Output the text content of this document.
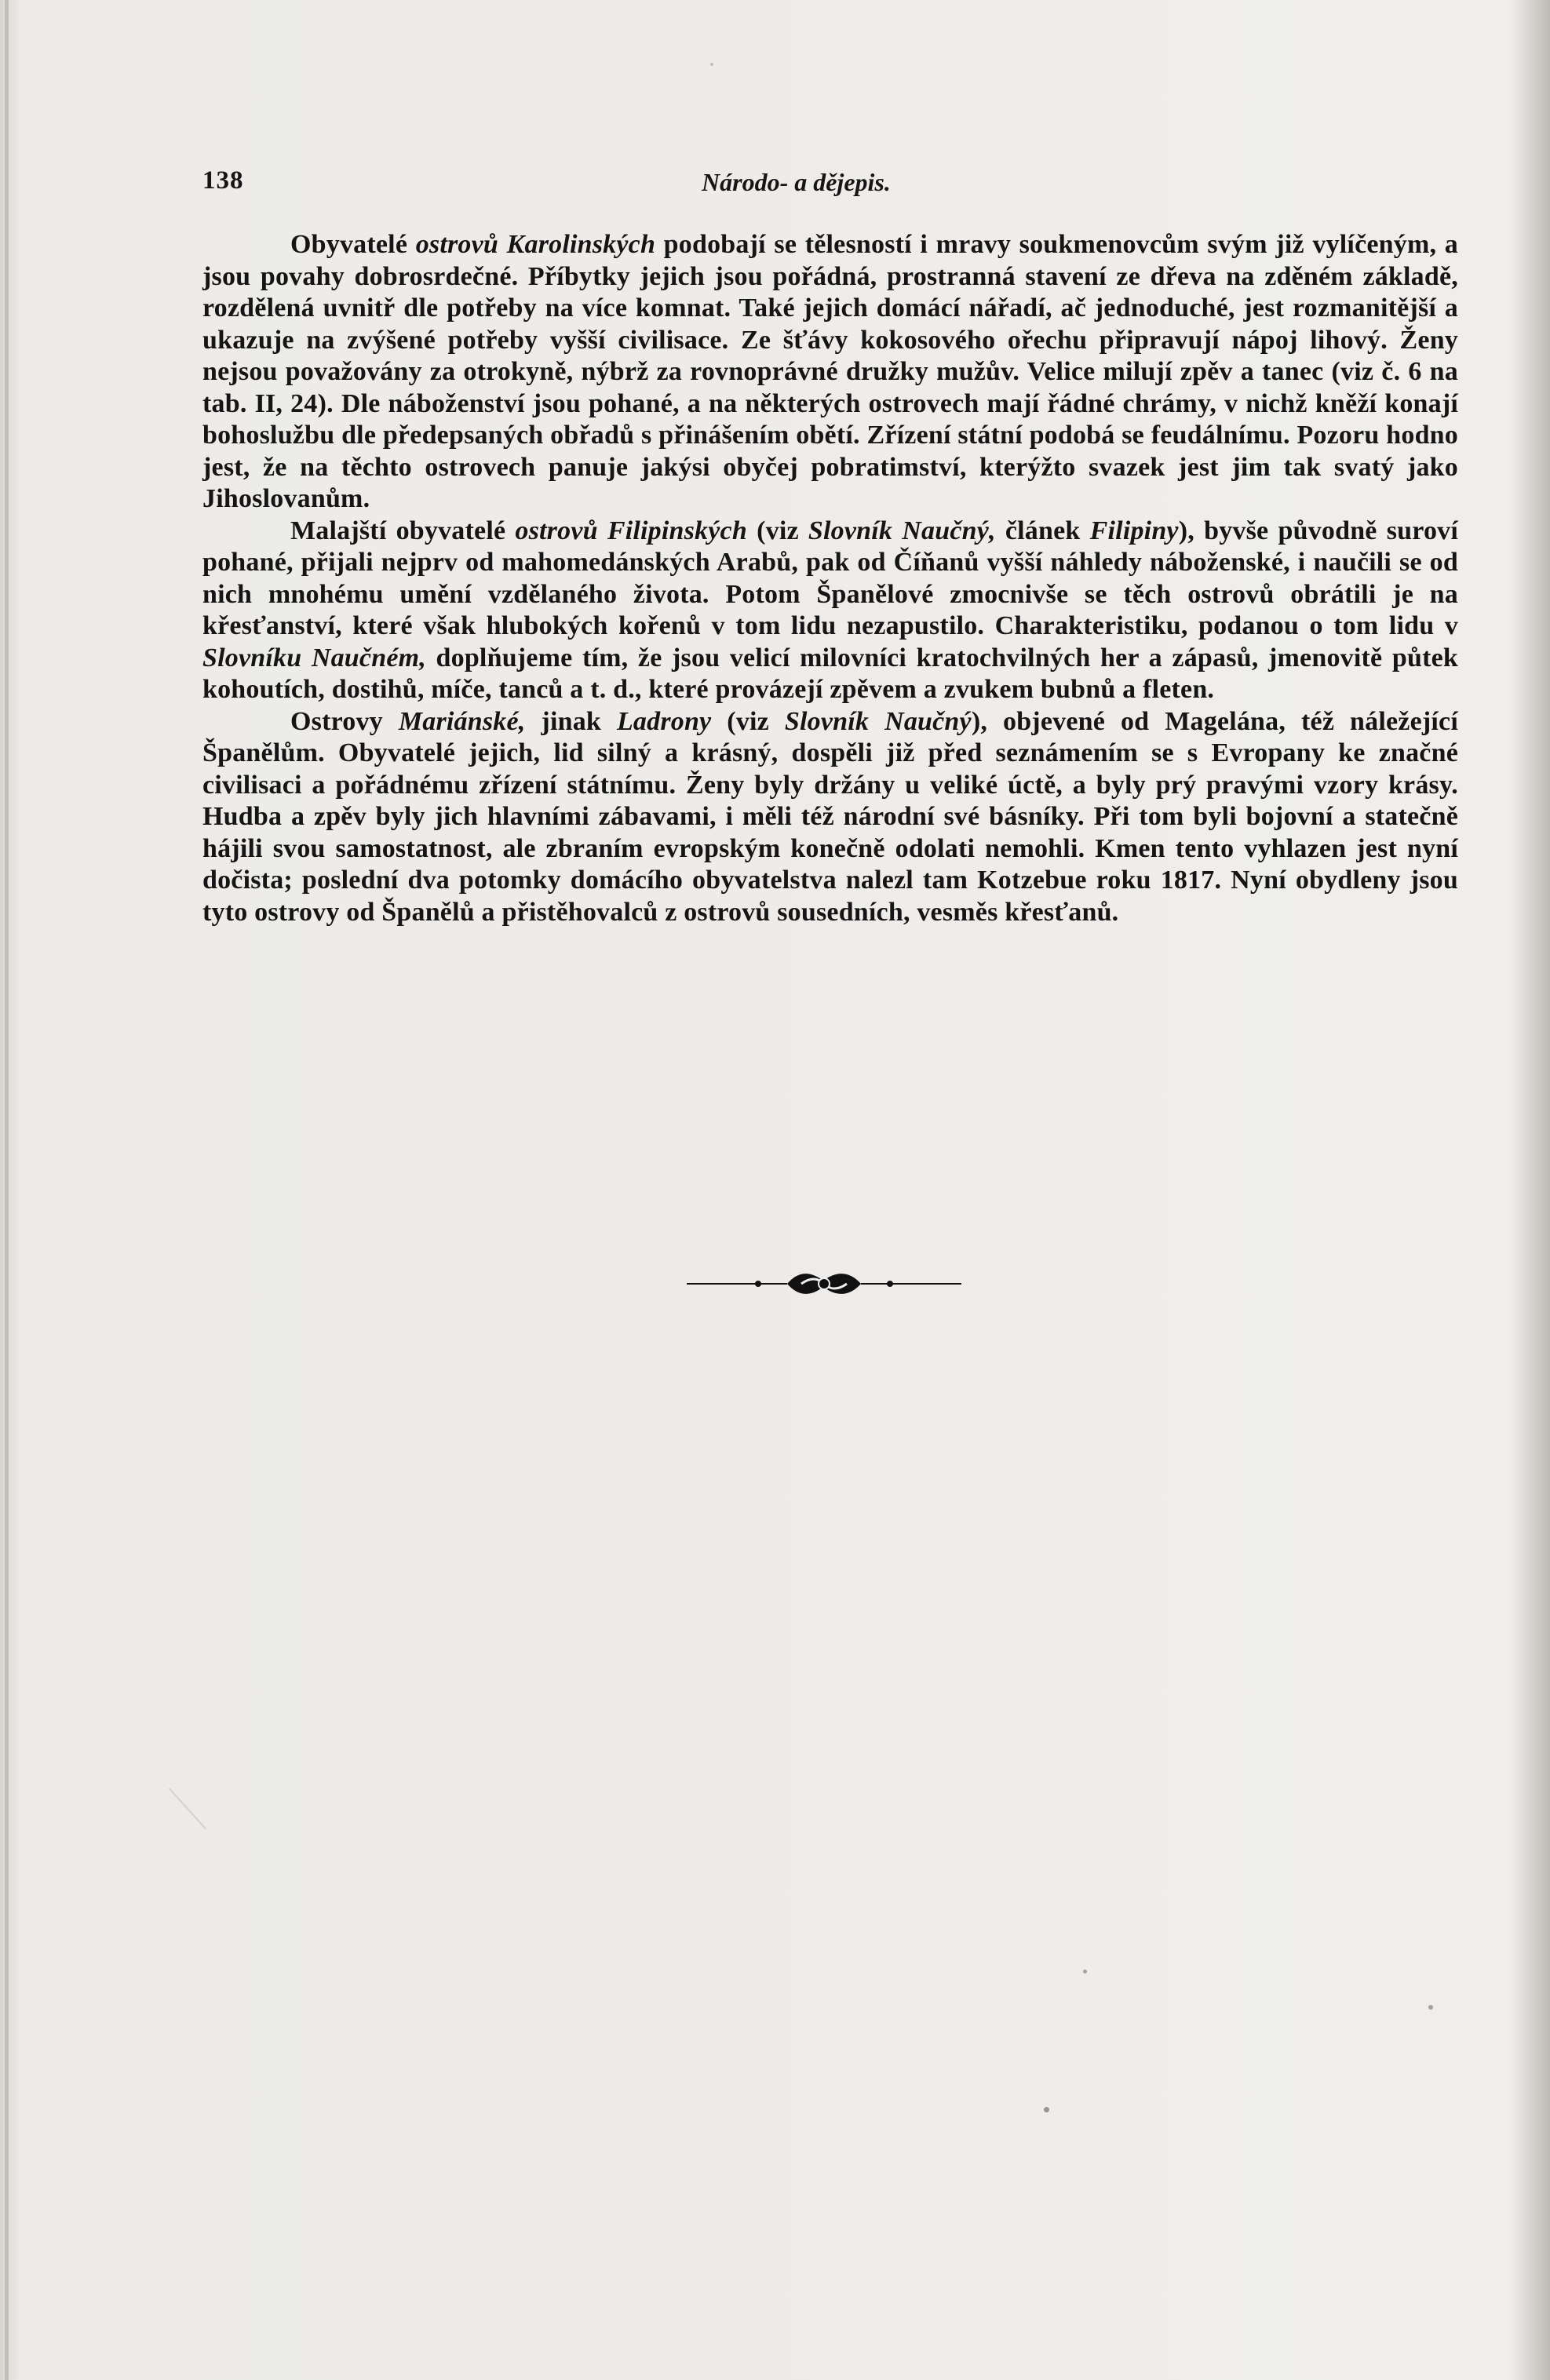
138	Národo- a dějepis.

Obyvatelé ostrovů Karolinských podobají se tělesností i mravy soukmenovcům svým již vylíčeným, a jsou povahy dobrosrdečné. Příbytky jejich jsou pořádná, prostranná stavení ze dřeva na zděném základě, rozdělená uvnitř dle potřeby na více komnat. Také jejich domácí nářadí, ač jednoduché, jest rozmanitější a ukazuje na zvýšené potřeby vyšší civilisace. Ze šťávy kokosového ořechu připravují nápoj lihový. Ženy nejsou považovány za otrokyně, nýbrž za rovnoprávné družky mužův. Velice milují zpěv a tanec (viz č. 6 na tab. II, 24). Dle náboženství jsou pohané, a na některých ostrovech mají řádné chrámy, v nichž kněží konají bohoslužbu dle předepsaných obřadů s přinášením obětí. Zřízení státní podobá se feudálnímu. Pozoru hodno jest, že na těchto ostrovech panuje jakýsi obyčej pobratimství, kterýžto svazek jest jim tak svatý jako Jihoslovanům.

Malajští obyvatelé ostrovů Filipinských (viz Slovník Naučný, článek Filipiny), byvše původně suroví pohané, přijali nejprv od mahomedánských Arabů, pak od Číňanů vyšší náhledy náboženské, i naučili se od nich mnohému umění vzdělaného života. Potom Španělové zmocnivše se těch ostrovů obrátili je na křesťanství, které však hlubokých kořenů v tom lidu nezapustilo. Charakteristiku, podanou o tom lidu v Slovníku Naučném, doplňujeme tím, že jsou velicí milovníci kratochvilných her a zápasů, jmenovitě půtek kohoutích, dostihů, míče, tanců a t. d., které provázejí zpěvem a zvukem bubnů a fleten.

Ostrovy Mariánské, jinak Ladrony (viz Slovník Naučný), objevené od Magelána, též náležející Španělům. Obyvatelé jejich, lid silný a krásný, dospěli již před seznámením se s Evropany ke značné civilisaci a pořádnému zřízení státnímu. Ženy byly držány u veliké úctě, a byly prý pravými vzory krásy. Hudba a zpěv byly jich hlavními zábavami, i měli též národní své básníky. Při tom byli bojovní a statečně hájili svou samostatnost, ale zbraním evropským konečně odolati nemohli. Kmen tento vyhlazen jest nyní dočista; poslední dva potomky domácího obyvatelstva nalezl tam Kotzebue roku 1817. Nyní obydleny jsou tyto ostrovy od Španělů a přistěhovalců z ostrovů sousedních, vesměs křesťanů.
